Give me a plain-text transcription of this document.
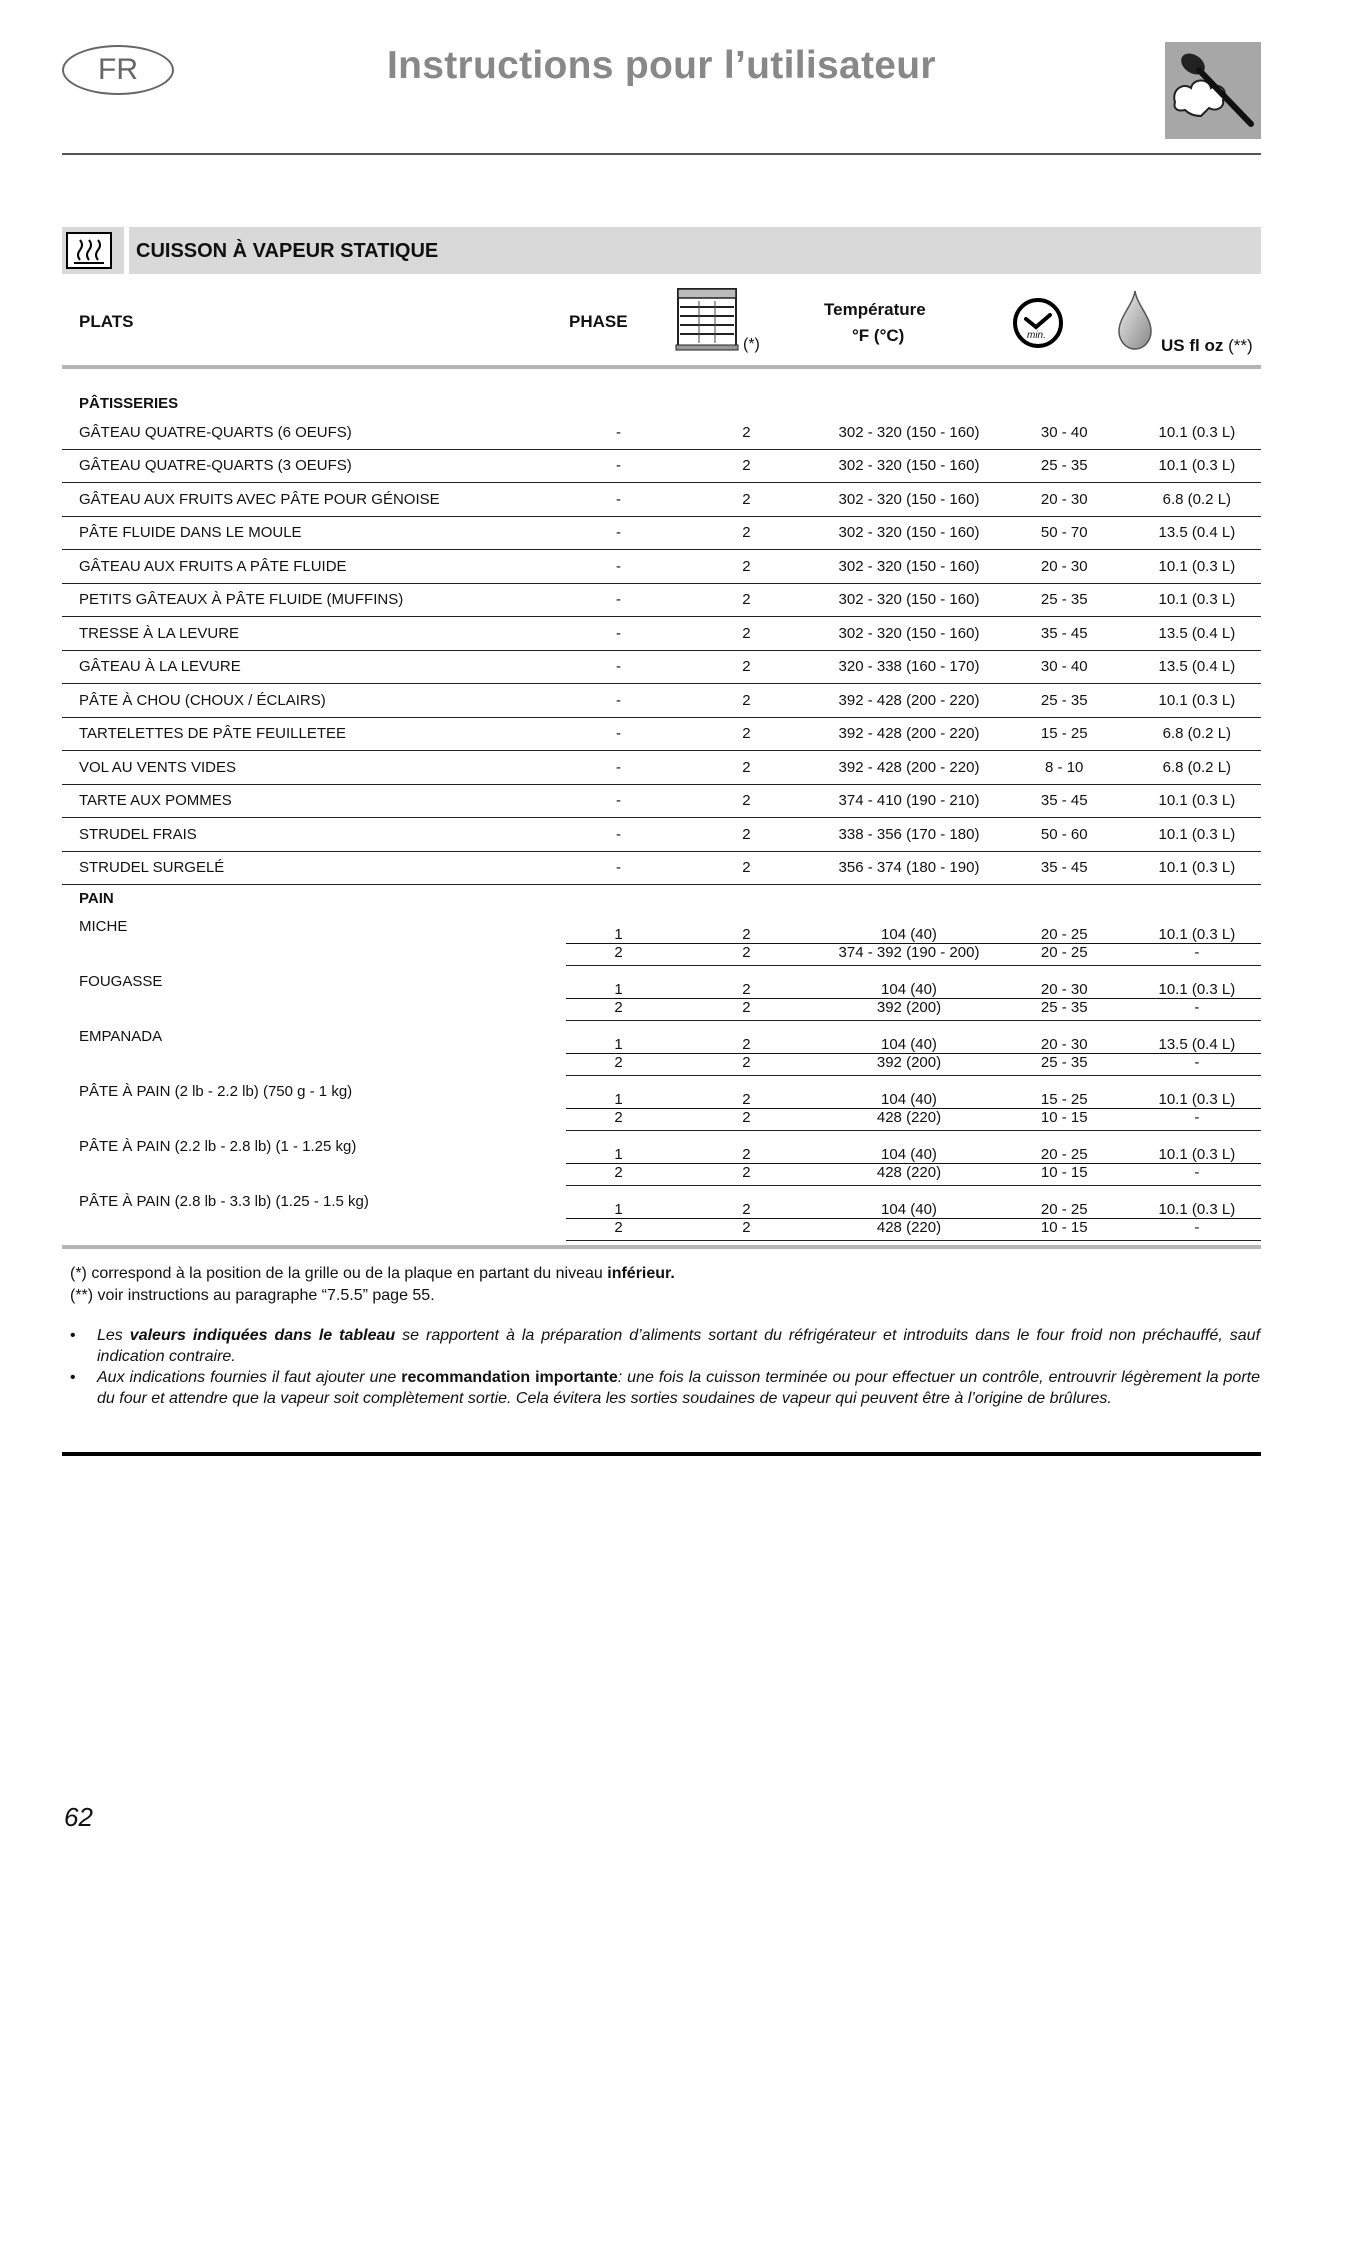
FR	Instructions pour l’utilisateur
CUISSON À VAPEUR STATIQUE
PLATS	PHASE
(*)
Température
°F (°C)	min.
US fl oz (**)
PÂTISSERIES					
GÂTEAU QUATRE-QUARTS (6 OEUFS)	-	2	302 - 320 (150 - 160)	30 - 40	10.1 (0.3 L)
GÂTEAU QUATRE-QUARTS (3 OEUFS)	-	2	302 - 320 (150 - 160)	25 - 35	10.1 (0.3 L)
GÂTEAU AUX FRUITS AVEC PÂTE POUR GÉNOISE	-	2	302 - 320 (150 - 160)	20 - 30	6.8 (0.2 L)
PÂTE FLUIDE DANS LE MOULE	-	2	302 - 320 (150 - 160)	50 - 70	13.5 (0.4 L)
GÂTEAU AUX FRUITS A PÂTE FLUIDE	-	2	302 - 320 (150 - 160)	20 - 30	10.1 (0.3 L)
PETITS GÂTEAUX À PÂTE FLUIDE (MUFFINS)	-	2	302 - 320 (150 - 160)	25 - 35	10.1 (0.3 L)
TRESSE À LA LEVURE	-	2	302 - 320 (150 - 160)	35 - 45	13.5 (0.4 L)
GÂTEAU À LA LEVURE	-	2	320 - 338 (160 - 170)	30 - 40	13.5 (0.4 L)
PÂTE À CHOU (CHOUX / ÉCLAIRS)	-	2	392 - 428 (200 - 220)	25 - 35	10.1 (0.3 L)
TARTELETTES DE PÂTE FEUILLETEE	-	2	392 - 428 (200 - 220)	15 - 25	6.8 (0.2 L)
VOL AU VENTS VIDES	-	2	392 - 428 (200 - 220)	8 - 10	6.8 (0.2 L)
TARTE AUX POMMES	-	2	374 - 410 (190 - 210)	35 - 45	10.1 (0.3 L)
STRUDEL FRAIS	-	2	338 - 356 (170 - 180)	50 - 60	10.1 (0.3 L)
STRUDEL SURGELÉ	-	2	356 - 374 (180 - 190)	35 - 45	10.1 (0.3 L)
PAIN					
MICHE	1	2	104 (40)	20 - 25	10.1 (0.3 L)
	2	2	374 - 392 (190 - 200)	20 - 25	-
FOUGASSE	1	2	104 (40)	20 - 30	10.1 (0.3 L)
	2	2	392 (200)	25 - 35	-
EMPANADA	1	2	104 (40)	20 - 30	13.5 (0.4 L)
	2	2	392 (200)	25 - 35	-
PÂTE À PAIN (2 lb - 2.2 lb) (750 g - 1 kg)	1	2	104 (40)	15 - 25	10.1 (0.3 L)
	2	2	428 (220)	10 - 15	-
PÂTE À PAIN (2.2 lb - 2.8 lb) (1 - 1.25 kg)	1	2	104 (40)	20 - 25	10.1 (0.3 L)
	2	2	428 (220)	10 - 15	-
PÂTE À PAIN (2.8 lb - 3.3 lb) (1.25 - 1.5 kg)	1	2	104 (40)	20 - 25	10.1 (0.3 L)
	2	2	428 (220)	10 - 15	-
(*) correspond à la position de la grille ou de la plaque en partant du niveau inférieur.
(**) voir instructions au paragraphe “7.5.5” page 55.
• Les valeurs indiquées dans le tableau se rapportent à la préparation d’aliments sortant du réfrigérateur et introduits dans le four froid non préchauffé, sauf indication contraire.
• Aux indications fournies il faut ajouter une recommandation importante: une fois la cuisson terminée ou pour effectuer un contrôle, entrouvrir légèrement la porte du four et attendre que la vapeur soit complètement sortie. Cela évitera les sorties soudaines de vapeur qui peuvent être à l’origine de brûlures.
62
